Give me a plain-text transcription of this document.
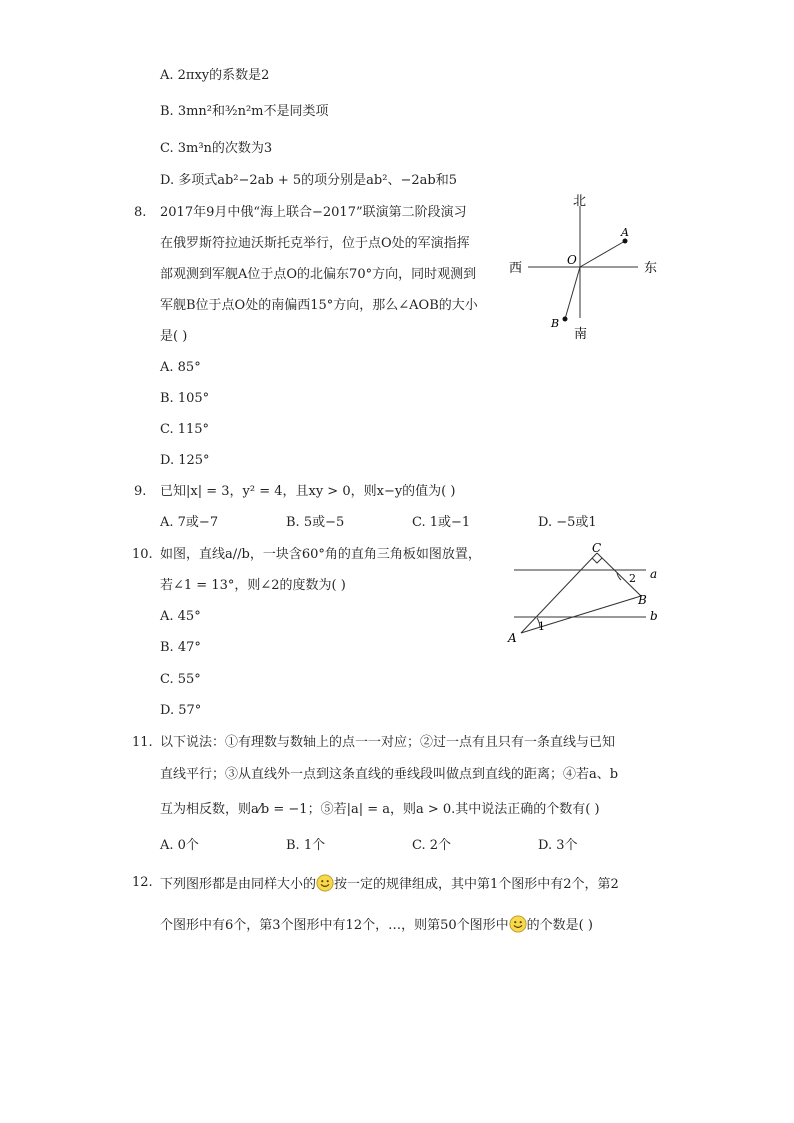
A. 2πxy的系数是2
B. 3mn²和³⁄₂n²m不是同类项
C. 3m³n的次数为3
D. 多项式ab²−2ab + 5的项分别是ab²、−2ab和5
8. 2017年9月中俄“海上联合−2017”联演第二阶段演习
在俄罗斯符拉迪沃斯托克举行，位于点O处的军演指挥
部观测到军舰A位于点O的北偏东70°方向，同时观测到
军舰B位于点O处的南偏西15°方向，那么∠AOB的大小
是( )
A. 85°
B. 105°
C. 115°
D. 125°
北
南
西	东
O
A
B
9. 已知|x| = 3，y² = 4，且xy > 0，则x−y的值为( )
A. 7或−7	B. 5或−5	C. 1或−1	D. −5或1
10. 如图，直线a//b，一块含60°角的直角三角板如图放置，
若∠1 = 13°，则∠2的度数为( )
A. 45°
B. 47°
C. 55°
D. 57°
C
a
b
B
A
1
2
11. 以下说法：①有理数与数轴上的点一一对应；②过一点有且只有一条直线与已知
直线平行；③从直线外一点到这条直线的垂线段叫做点到直线的距离；④若a、b
互为相反数，则a⁄b = −1；⑤若|a| = a，则a > 0.其中说法正确的个数有( )
A. 0个	B. 1个	C. 2个	D. 3个
12. 下列图形都是由同样大小的 按一定的规律组成，其中第1个图形中有2个，第2
个图形中有6个，第3个图形中有12个，…，则第50个图形中 的个数是( )
